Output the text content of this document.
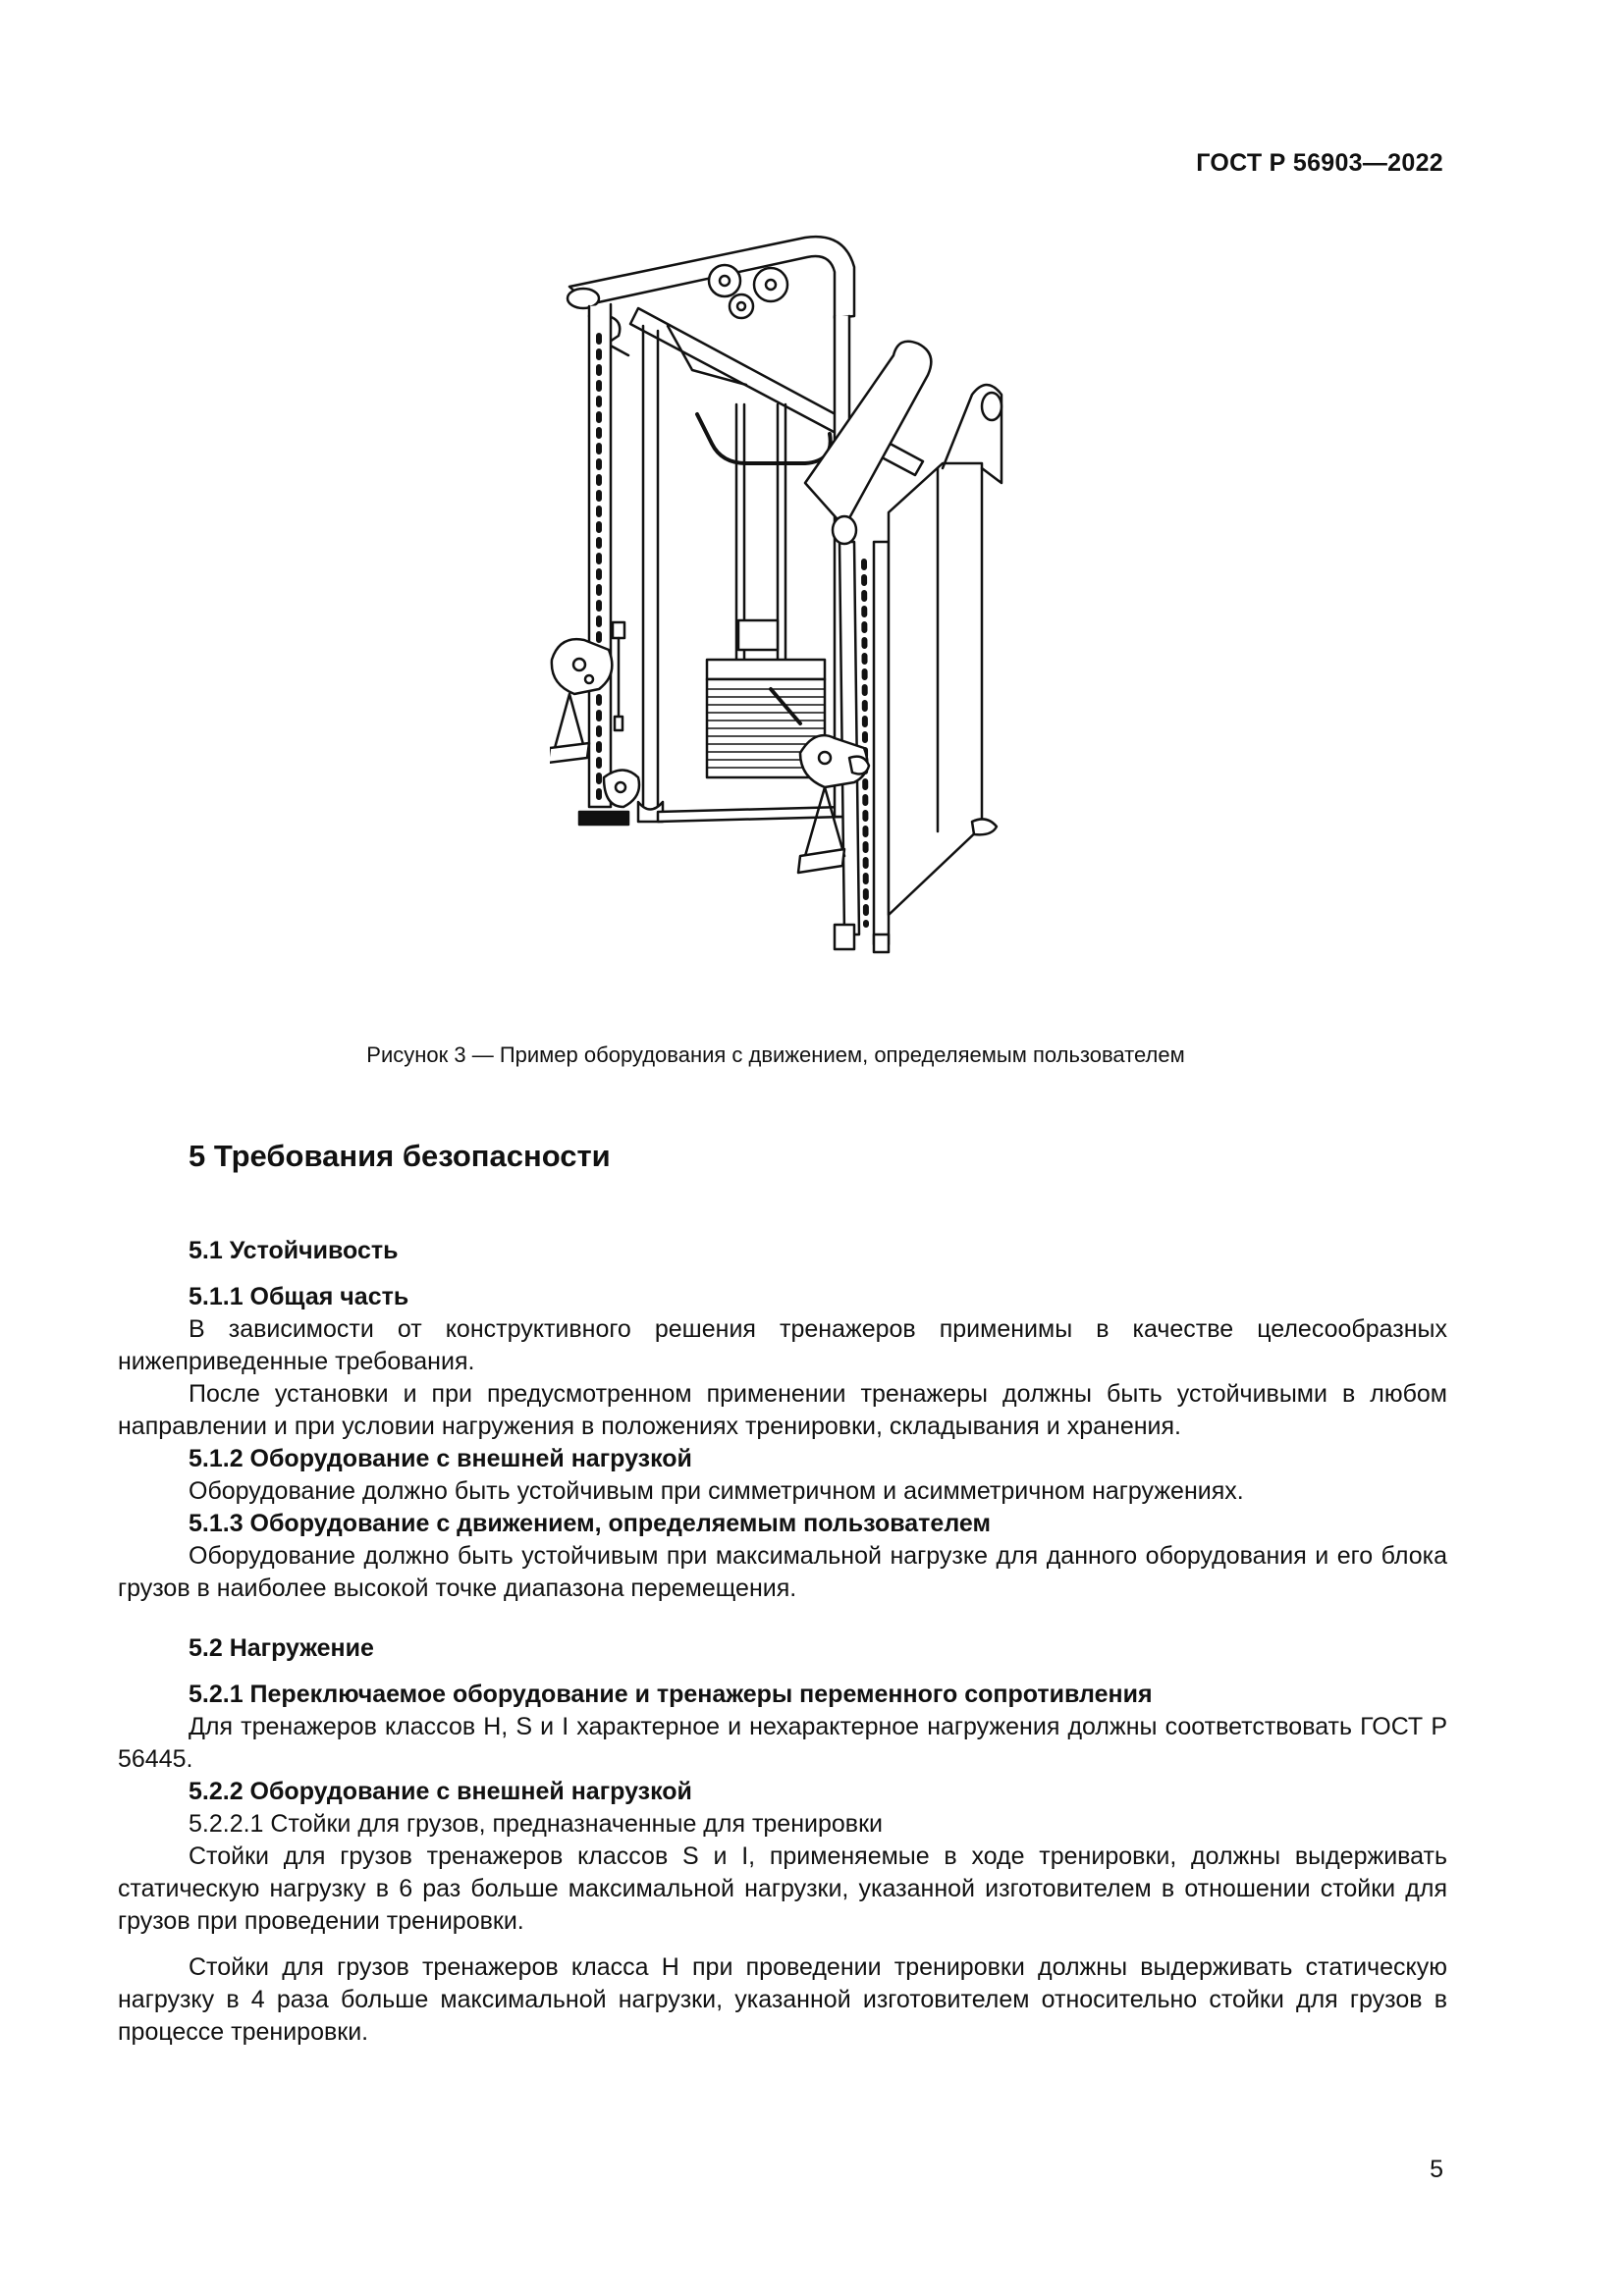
ГОСТ Р 56903—2022
Рисунок 3 — Пример оборудования с движением, определяемым пользователем
5 Требования безопасности
5.1 Устойчивость
5.1.1 Общая часть

В зависимости от конструктивного решения тренажеров применимы в качестве целесообразных нижеприведенные требования.

После установки и при предусмотренном применении тренажеры должны быть устойчивыми в любом направлении и при условии нагружения в положениях тренировки, складывания и хранения.

5.1.2 Оборудование с внешней нагрузкой

Оборудование должно быть устойчивым при симметричном и асимметричном нагружениях.

5.1.3 Оборудование с движением, определяемым пользователем

Оборудование должно быть устойчивым при максимальной нагрузке для данного оборудования и его блока грузов в наиболее высокой точке диапазона перемещения.

5.2 Нагружение
5.2.1 Переключаемое оборудование и тренажеры переменного сопротивления

Для тренажеров классов H, S и I характерное и нехарактерное нагружения должны соответствовать ГОСТ Р 56445.

5.2.2 Оборудование с внешней нагрузкой

5.2.2.1 Стойки для грузов, предназначенные для тренировки

Стойки для грузов тренажеров классов S и I, применяемые в ходе тренировки, должны выдерживать статическую нагрузку в 6 раз больше максимальной нагрузки, указанной изготовителем в отношении стойки для грузов при проведении тренировки.

Стойки для грузов тренажеров класса H при проведении тренировки должны выдерживать статическую нагрузку в 4 раза больше максимальной нагрузки, указанной изготовителем относительно стойки для грузов в процессе тренировки.

5
